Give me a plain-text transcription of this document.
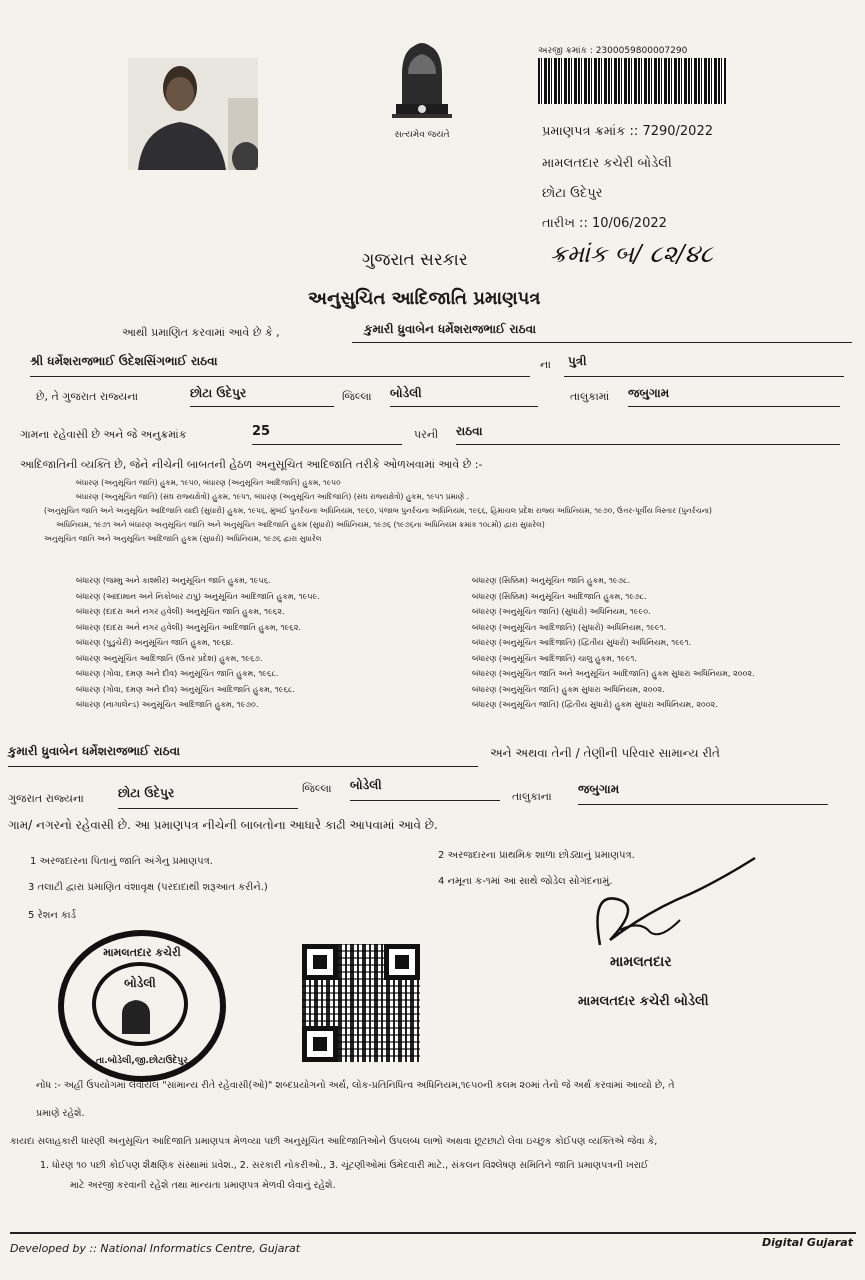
સત્યમેવ જયતે
અરજી ક્રમાંક : 2300059800007290
પ્રમાણપત્ર ક્રમાંક :: 7290/2022
મામલતદાર કચેરી બોડેલી
છોટા ઉદેપુર
તારીખ :: 10/06/2022
ગુજરાત સરકાર	ક્રમાંક બ/ ૮૨/૪૮
અનુસુચિત આદિજાતિ પ્રમાણપત્ર
આથી પ્રમાણિત કરવામાં આવે છે કે ,	કુમારી ધ્રુવાબેન ધર્મેશરાજભાઈ રાઠવા
શ્રી ધર્મેશરાજભાઈ ઉદેશસિંગભાઈ રાઠવા	ના	પુત્રી
છે, તે ગુજરાત રાજ્યના	છોટા ઉદેપુર	જિલ્લા બોડેલી	તાલુકામાં જબુગામ
ગામના રહેવાસી છે અને જે અનુક્રમાંક	25	પરની રાઠવા
આદિજાતિની વ્યક્તિ છે, જેને નીચેની બાબતની હેઠળ અનુસૂચિત આદિજાતિ તરીકે ઓળખવામાં આવે છે :-
બંધારણ (અનુસૂચિત જાતિ) હુકમ, ૧૯૫૦, બંધારણ (અનુસૂચિત આદિજાતિ) હુકમ, ૧૯૫૦
બંધારણ (અનુસૂચિત જાતિ) (સંઘ રાજ્યક્ષેત્રો) હુકમ, ૧૯૫૧, બંધારણ (અનુસૂચિત આદિજાતિ) (સંઘ રાજ્યક્ષેત્રો) હુકમ, ૧૯૫૧ પ્રમાણે .
(અનુસૂચિત જાતિ અને અનુસૂચિત આદિજાતિ યાદી (સુધારો) હુકમ, ૧૯૫૬, મુંબઈ પુનર્રચના અધિનિયમ, ૧૯૬૦, પંજાબ પુનર્રચના અધિનિયમ, ૧૯૬૬, હિમાચલ પ્રદેશ રાજ્ય અધિનિયમ, ૧૯૭૦, ઉત્તર-પૂર્વીય વિસ્તાર (પુનર્રચના)
અધિનિયમ, ૧૯૭૧ અને બંધારણ અનુસૂચિત જાતિ અને અનુસૂચિત આદિજાતિ હુકમ (સુધારો) અધિનિયમ, ૧૯૭૬ (૧૯૭૬ના અધિનિયમ ક્રમાંક ૧૦૮મો) દ્વારા સુધારેલ)
અનુસૂચિત જાતિ અને અનુસૂચિત આદિજાતિ હુકમ (સુધારો) અધિનિયમ, ૧૯૭૬ દ્વારા સુધારેલ
બંધારણ (જમ્મુ અને કાશ્મીર) અનુસૂચિત જાતિ હુકમ, ૧૯૫૬.
બંધારણ (આંદામાન અને નિકોબાર ટાપુ) અનુસૂચિત આદિજાતિ હુકમ, ૧૯૫૯.
બંધારણ (દાદરા અને નગર હવેલી) અનુસૂચિત જાતિ હુકમ, ૧૯૬૨.
બંધારણ (દાદરા અને નગર હવેલી) અનુસૂચિત આદિજાતિ હુકમ, ૧૯૬૨.
બંધારણ (પુડુચેરી) અનુસૂચિત જાતિ હુકમ, ૧૯૬૪.
બંધારણ અનુસૂચિત આદિજાતિ (ઉત્તર પ્રદેશ) હુકમ, ૧૯૬૭.
બંધારણ (ગોવા, દમણ અને દીવ) અનુસૂચિત જાતિ હુકમ, ૧૯૬૮.
બંધારણ (ગોવા, દમણ અને દીવ) અનુસૂચિત આદિજાતિ હુકમ, ૧૯૬૮.
બંધારણ (નાગાલેન્ડ) અનુસૂચિત આદિજાતિ હુકમ, ૧૯૭૦.
બંધારણ (સિક્કિમ) અનુસૂચિત જાતિ હુકમ, ૧૯૭૮.
બંધારણ (સિક્કિમ) અનુસૂચિત આદિજાતિ હુકમ, ૧૯૭૮.
બંધારણ (અનુસૂચિત જાતિ) (સુધારો) અધિનિયમ, ૧૯૯૦.
બંધારણ (અનુસૂચિત આદિજાતિ) (સુધારો) અધિનિયમ, ૧૯૯૧.
બંધારણ (અનુસૂચિત આદિજાતિ) (દ્વિતીય સુધારો) અધિનિયમ, ૧૯૯૧.
બંધારણ (અનુસૂચિત આદિજાતિ) ચાલુ હુકમ, ૧૯૯૧.
બંધારણ (અનુસૂચિત જાતિ અને અનુસૂચિત આદિજાતિ) હુકમ સુધારા અધિનિયમ, ૨૦૦૨.
બંધારણ (અનુસૂચિત જાતિ) હુકમ સુધારા અધિનિયમ, ૨૦૦૨.
બંધારણ (અનુસૂચિત જાતિ) (દ્વિતીય સુધારો) હુકમ સુધારા અધિનિયમ, ૨૦૦૨.
કુમારી ધ્રુવાબેન ધર્મેશરાજભાઈ રાઠવા	અને અથવા તેની / તેણીની પરિવાર સામાન્ય રીતે
ગુજરાત રાજ્યના	છોટા ઉદેપુર	જિલ્લા બોડેલી
તાલુકાના
જબુગામ
ગામ/ નગરનો રહેવાસી છે. આ પ્રમાણપત્ર નીચેની બાબતોના આધારે કાઢી આપવામાં આવે છે.
1 અરજદારના પિતાનું જાતિ અંગેનુ પ્રમાણપત્ર.
2 અરજદારના પ્રાથમિક શાળા છોડ્યાનું પ્રમાણપત્ર.
3 તલાટી દ્વારા પ્રમાણિત વંશાવૃક્ષ (પરદાદાથી શરૂઆત કરીને.)
4 નમૂના ક-૧માં આ સાથે જોડેલ સોગંદનામું.
5 રેશન કાર્ડ
મામલતદાર કચેરી
બોડેલી
તા.બોડેલી,જી.છોટાઉદેપુર
મામલતદાર
મામલતદાર કચેરી બોડેલી
નોંધ :- અહીં ઉપયોગમાં લેવાયેલ "સામાન્ય રીતે રહેવાસી(ઓ)" શબ્દપ્રયોગનો અર્થ, લોક-પ્રતિનિધિત્વ અધિનિયમ,૧૯૫૦ની કલમ ૨૦માં તેનો જે અર્થ કરવામાં આવ્યો છે, તે
પ્રમાણે રહેશે.
કાયદા સલાહકારી ધારણી અનુસૂચિત આદિજાતિ પ્રમાણપત્ર મેળવ્યા પછી અનુસૂચિત આદિજાતિઓને ઉપલબ્ધ લાભો અથવા છૂટછાટો લેવા ઇચ્છુક કોઈપણ વ્યક્તિએ જેવા કે,
1. ધોરણ ૧૦ પછી કોઈપણ શૈક્ષણિક સંસ્થામાં પ્રવેશ., 2. સરકારી નોકરીઓ., 3. ચૂંટણીઓમાં ઉમેદવારી માટે., સંકલન વિશ્લેષણ સમિતિને જાતિ પ્રમાણપત્રની ખરાઈ
માટે અરજી કરવાની રહેશે તથા માન્યતા પ્રમાણપત્ર મેળવી લેવાનું રહેશે.
Developed by :: National Informatics Centre, Gujarat	Digital Gujarat
